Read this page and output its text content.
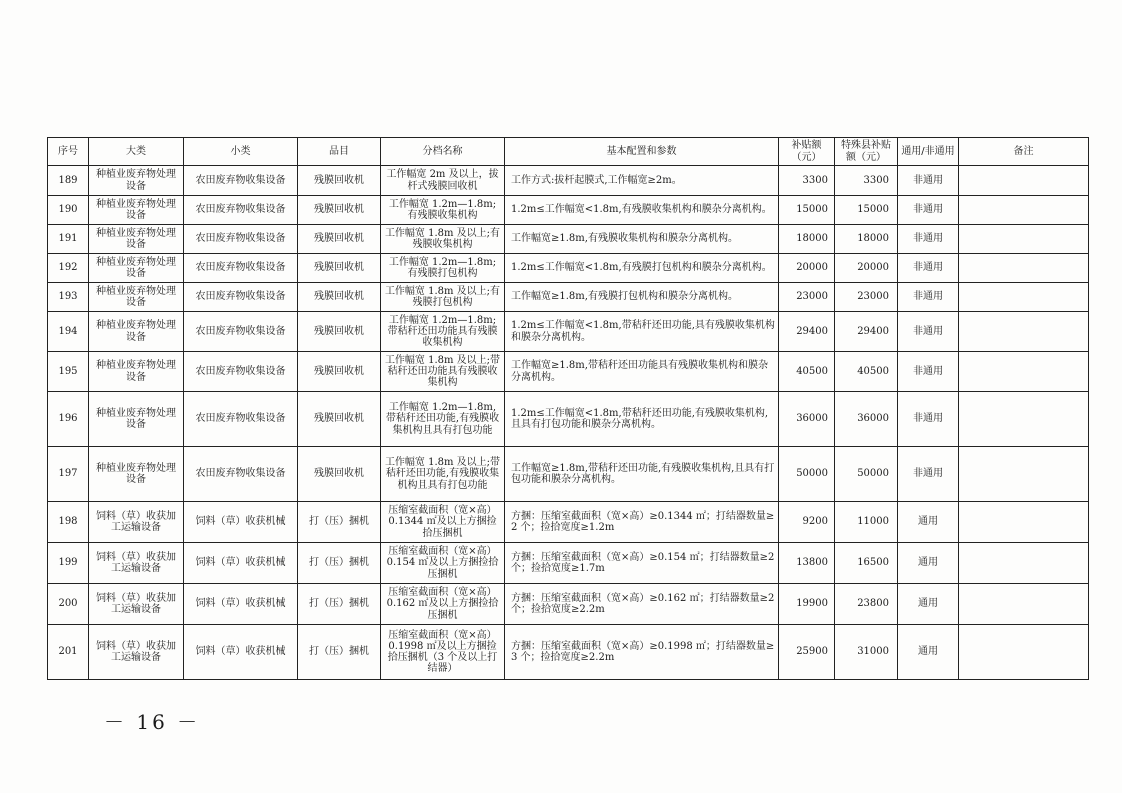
序号	大类	小类	品目	分档名称	基本配置和参数	补贴额（元）	特殊县补贴额（元）	通用/非通用	备注
189	种植业废弃物处理设备	农田废弃物收集设备	残膜回收机	工作幅宽 2m 及以上，拔杆式残膜回收机	工作方式:拔杆起膜式,工作幅宽≥2m。	3300	3300	非通用	
190	种植业废弃物处理设备	农田废弃物收集设备	残膜回收机	工作幅宽 1.2m—1.8m;有残膜收集机构	1.2m≤工作幅宽<1.8m,有残膜收集机构和膜杂分离机构。	15000	15000	非通用	
191	种植业废弃物处理设备	农田废弃物收集设备	残膜回收机	工作幅宽 1.8m 及以上;有残膜收集机构	工作幅宽≥1.8m,有残膜收集机构和膜杂分离机构。	18000	18000	非通用	
192	种植业废弃物处理设备	农田废弃物收集设备	残膜回收机	工作幅宽 1.2m—1.8m;有残膜打包机构	1.2m≤工作幅宽<1.8m,有残膜打包机构和膜杂分离机构。	20000	20000	非通用	
193	种植业废弃物处理设备	农田废弃物收集设备	残膜回收机	工作幅宽 1.8m 及以上;有残膜打包机构	工作幅宽≥1.8m,有残膜打包机构和膜杂分离机构。	23000	23000	非通用	
194	种植业废弃物处理设备	农田废弃物收集设备	残膜回收机	工作幅宽 1.2m—1.8m;带秸秆还田功能具有残膜收集机构	1.2m≤工作幅宽<1.8m,带秸秆还田功能,具有残膜收集机构和膜杂分离机构。	29400	29400	非通用	
195	种植业废弃物处理设备	农田废弃物收集设备	残膜回收机	工作幅宽 1.8m 及以上;带秸秆还田功能具有残膜收集机构	工作幅宽≥1.8m,带秸秆还田功能具有残膜收集机构和膜杂分离机构。	40500	40500	非通用	
196	种植业废弃物处理设备	农田废弃物收集设备	残膜回收机	工作幅宽 1.2m—1.8m,带秸秆还田功能,有残膜收集机构且具有打包功能	1.2m≤工作幅宽<1.8m,带秸秆还田功能,有残膜收集机构,且具有打包功能和膜杂分离机构。	36000	36000	非通用	
197	种植业废弃物处理设备	农田废弃物收集设备	残膜回收机	工作幅宽 1.8m 及以上;带秸秆还田功能,有残膜收集机构且具有打包功能	工作幅宽≥1.8m,带秸秆还田功能,有残膜收集机构,且具有打包功能和膜杂分离机构。	50000	50000	非通用	
198	饲料（草）收获加工运输设备	饲料（草）收获机械	打（压）捆机	压缩室截面积（宽×高）0.1344 ㎡及以上方捆捡拾压捆机	方捆：压缩室截面积（宽×高）≥0.1344 ㎡；打结器数量≥2 个；捡拾宽度≥1.2m	9200	11000	通用	
199	饲料（草）收获加工运输设备	饲料（草）收获机械	打（压）捆机	压缩室截面积（宽×高）0.154 ㎡及以上方捆捡拾压捆机	方捆：压缩室截面积（宽×高）≥0.154 ㎡；打结器数量≥2 个；捡拾宽度≥1.7m	13800	16500	通用	
200	饲料（草）收获加工运输设备	饲料（草）收获机械	打（压）捆机	压缩室截面积（宽×高）0.162 ㎡及以上方捆捡拾压捆机	方捆：压缩室截面积（宽×高）≥0.162 ㎡；打结器数量≥2 个；捡拾宽度≥2.2m	19900	23800	通用	
201	饲料（草）收获加工运输设备	饲料（草）收获机械	打（压）捆机	压缩室截面积（宽×高）0.1998 ㎡及以上方捆捡拾压捆机（3 个及以上打结器）	方捆：压缩室截面积（宽×高）≥0.1998 ㎡；打结器数量≥3 个；捡拾宽度≥2.2m	25900	31000	通用	
－ 16 －
